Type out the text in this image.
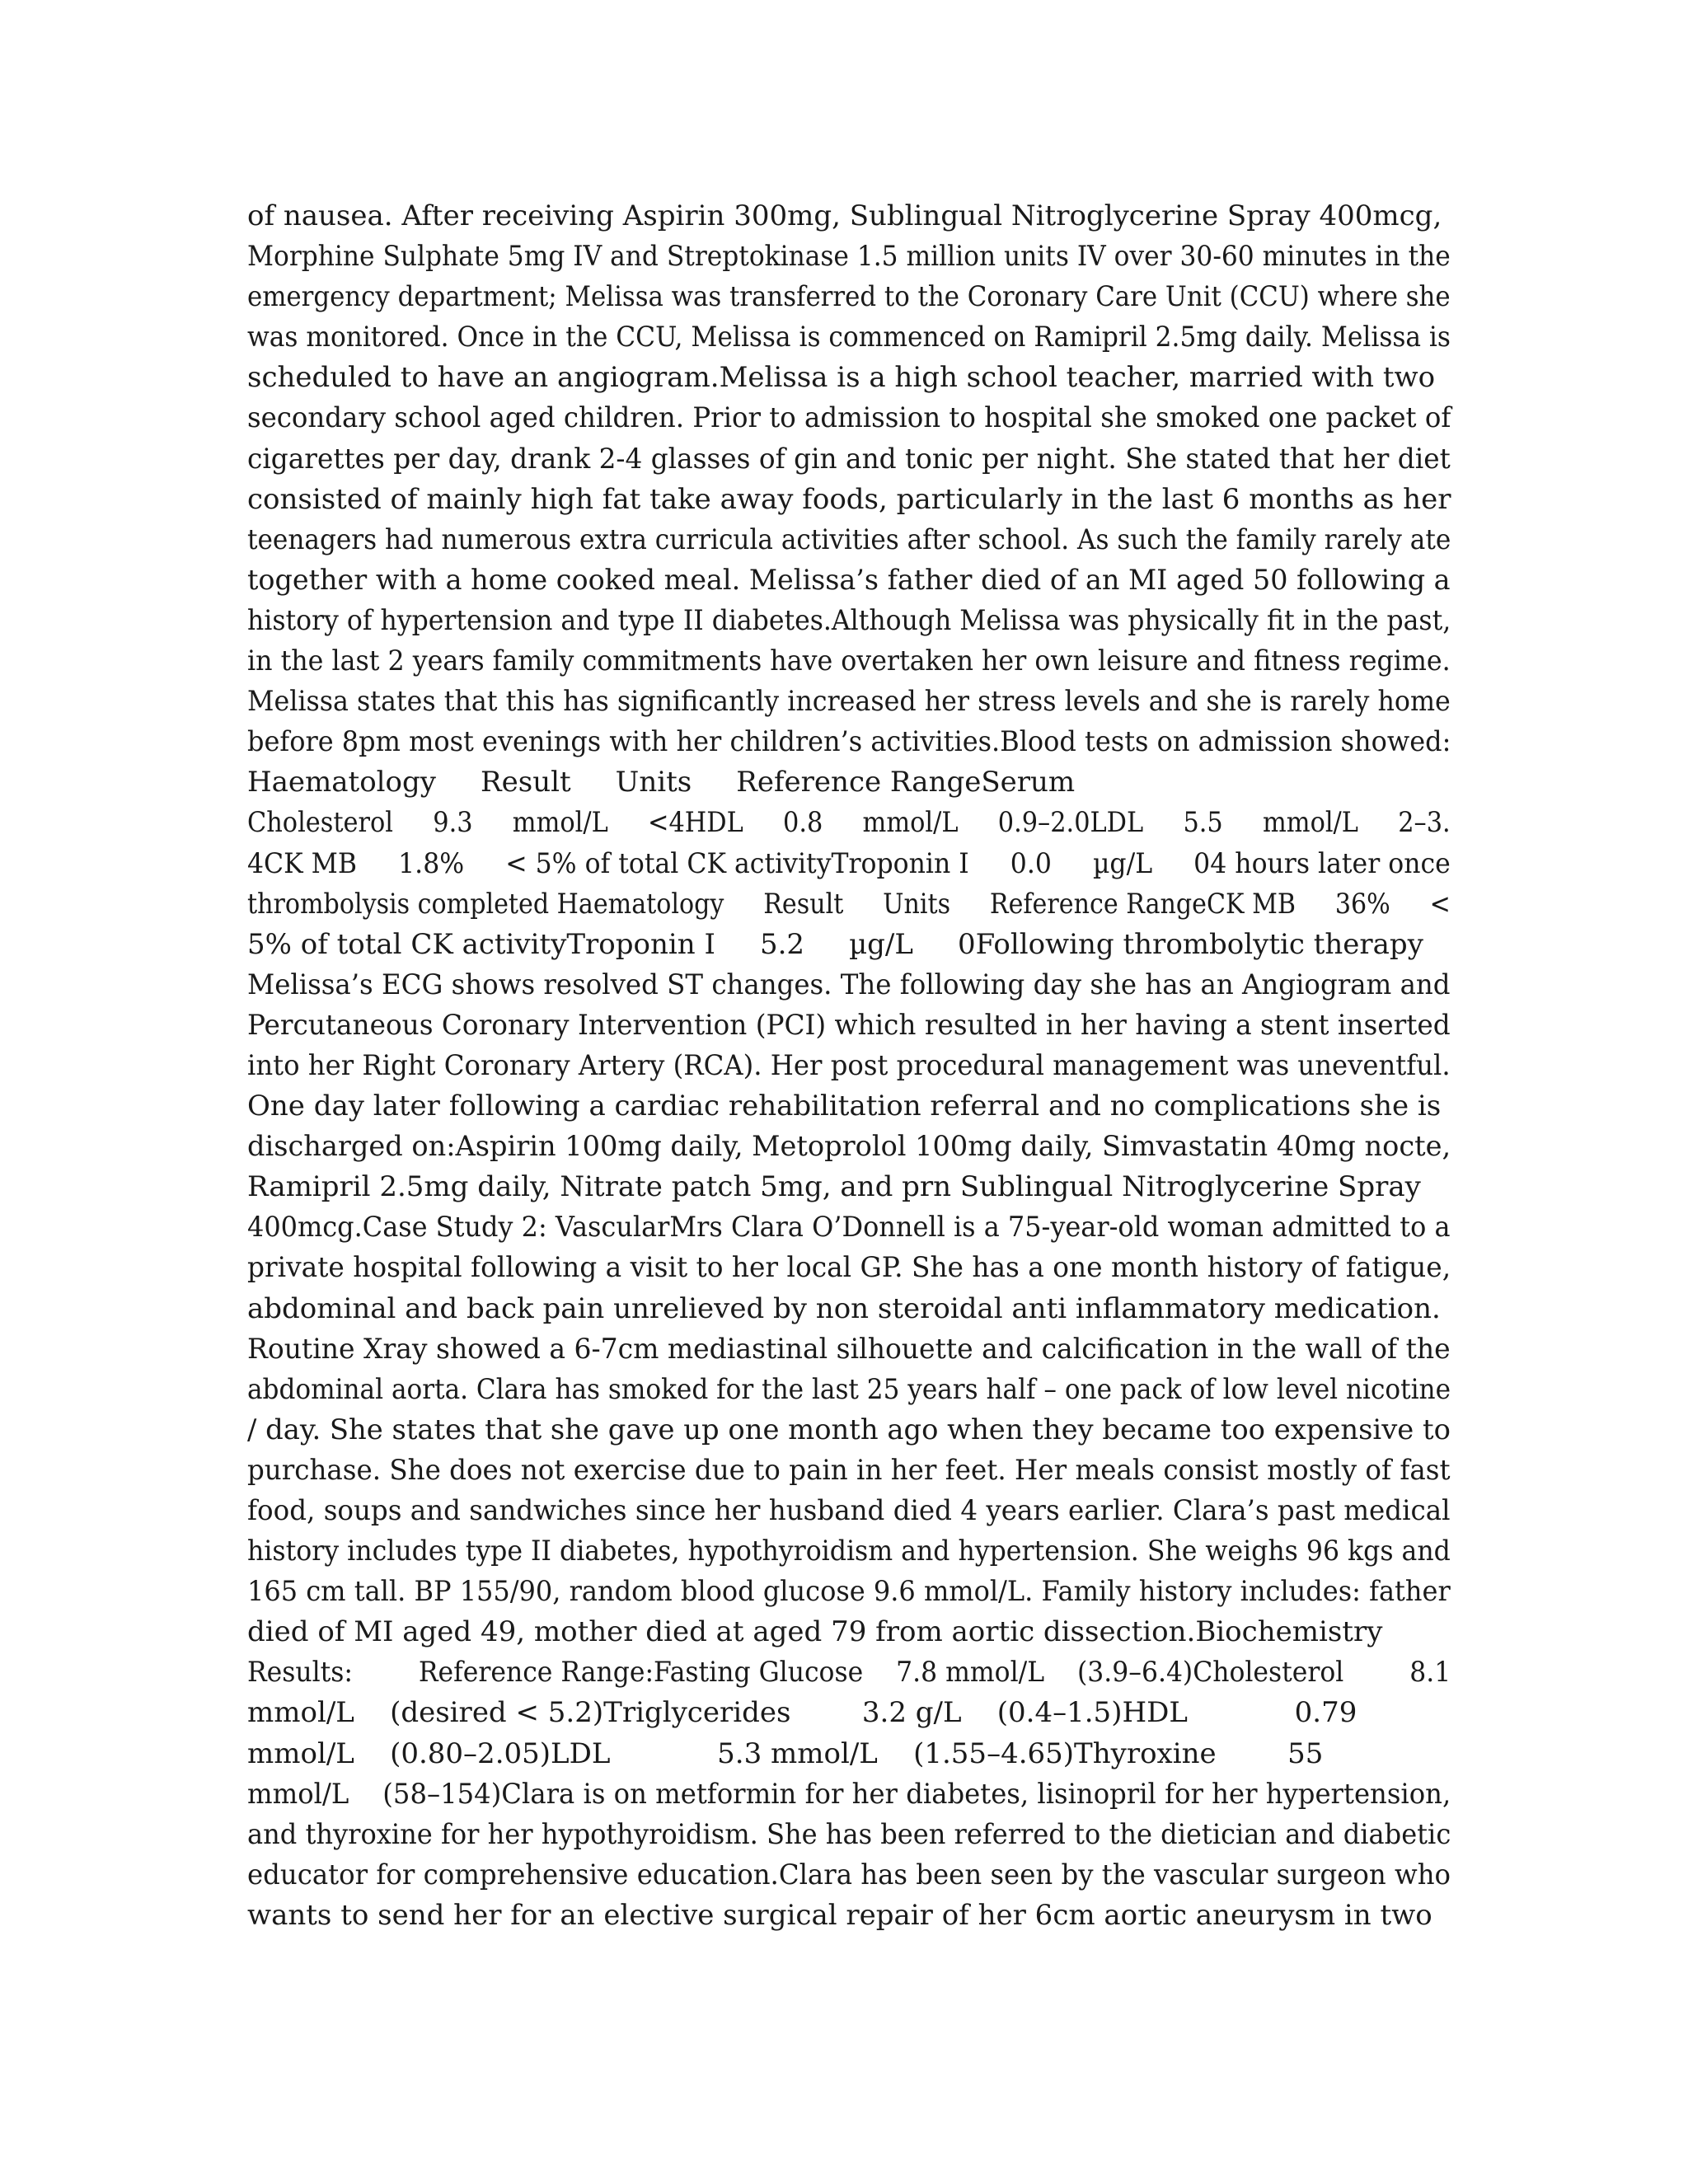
of nausea. After receiving Aspirin 300mg, Sublingual Nitroglycerine Spray 400mcg,
Morphine Sulphate 5mg IV and Streptokinase 1.5 million units IV over 30-60 minutes in the
emergency department; Melissa was transferred to the Coronary Care Unit (CCU) where she
was monitored. Once in the CCU, Melissa is commenced on Ramipril 2.5mg daily. Melissa is
scheduled to have an angiogram.Melissa is a high school teacher, married with two
secondary school aged children. Prior to admission to hospital she smoked one packet of
cigarettes per day, drank 2-4 glasses of gin and tonic per night. She stated that her diet
consisted of mainly high fat take away foods, particularly in the last 6 months as her
teenagers had numerous extra curricula activities after school. As such the family rarely ate
together with a home cooked meal. Melissa’s father died of an MI aged 50 following a
history of hypertension and type II diabetes.Although Melissa was physically fit in the past,
in the last 2 years family commitments have overtaken her own leisure and fitness regime.
Melissa states that this has significantly increased her stress levels and she is rarely home
before 8pm most evenings with her children’s activities.Blood tests on admission showed:
Haematology     Result     Units     Reference RangeSerum
Cholesterol     9.3     mmol/L     <4HDL     0.8     mmol/L     0.9–2.0LDL     5.5     mmol/L     2–3.
4CK MB     1.8%     < 5% of total CK activityTroponin I     0.0     µg/L     04 hours later once
thrombolysis completed Haematology     Result     Units     Reference RangeCK MB     36%     <
5% of total CK activityTroponin I     5.2     µg/L     0Following thrombolytic therapy
Melissa’s ECG shows resolved ST changes. The following day she has an Angiogram and
Percutaneous Coronary Intervention (PCI) which resulted in her having a stent inserted
into her Right Coronary Artery (RCA). Her post procedural management was uneventful.
One day later following a cardiac rehabilitation referral and no complications she is
discharged on:Aspirin 100mg daily, Metoprolol 100mg daily, Simvastatin 40mg nocte,
Ramipril 2.5mg daily, Nitrate patch 5mg, and prn Sublingual Nitroglycerine Spray
400mcg.Case Study 2: VascularMrs Clara O’Donnell is a 75-year-old woman admitted to a
private hospital following a visit to her local GP. She has a one month history of fatigue,
abdominal and back pain unrelieved by non steroidal anti inflammatory medication.
Routine Xray showed a 6-7cm mediastinal silhouette and calcification in the wall of the
abdominal aorta. Clara has smoked for the last 25 years half – one pack of low level nicotine
/ day. She states that she gave up one month ago when they became too expensive to
purchase. She does not exercise due to pain in her feet. Her meals consist mostly of fast
food, soups and sandwiches since her husband died 4 years earlier. Clara’s past medical
history includes type II diabetes, hypothyroidism and hypertension. She weighs 96 kgs and
165 cm tall. BP 155/90, random blood glucose 9.6 mmol/L. Family history includes: father
died of MI aged 49, mother died at aged 79 from aortic dissection.Biochemistry
Results:        Reference Range:Fasting Glucose    7.8 mmol/L    (3.9–6.4)Cholesterol        8.1
mmol/L    (desired < 5.2)Triglycerides        3.2 g/L    (0.4–1.5)HDL            0.79
mmol/L    (0.80–2.05)LDL            5.3 mmol/L    (1.55–4.65)Thyroxine        55
mmol/L    (58–154)Clara is on metformin for her diabetes, lisinopril for her hypertension,
and thyroxine for her hypothyroidism. She has been referred to the dietician and diabetic
educator for comprehensive education.Clara has been seen by the vascular surgeon who
wants to send her for an elective surgical repair of her 6cm aortic aneurysm in two
